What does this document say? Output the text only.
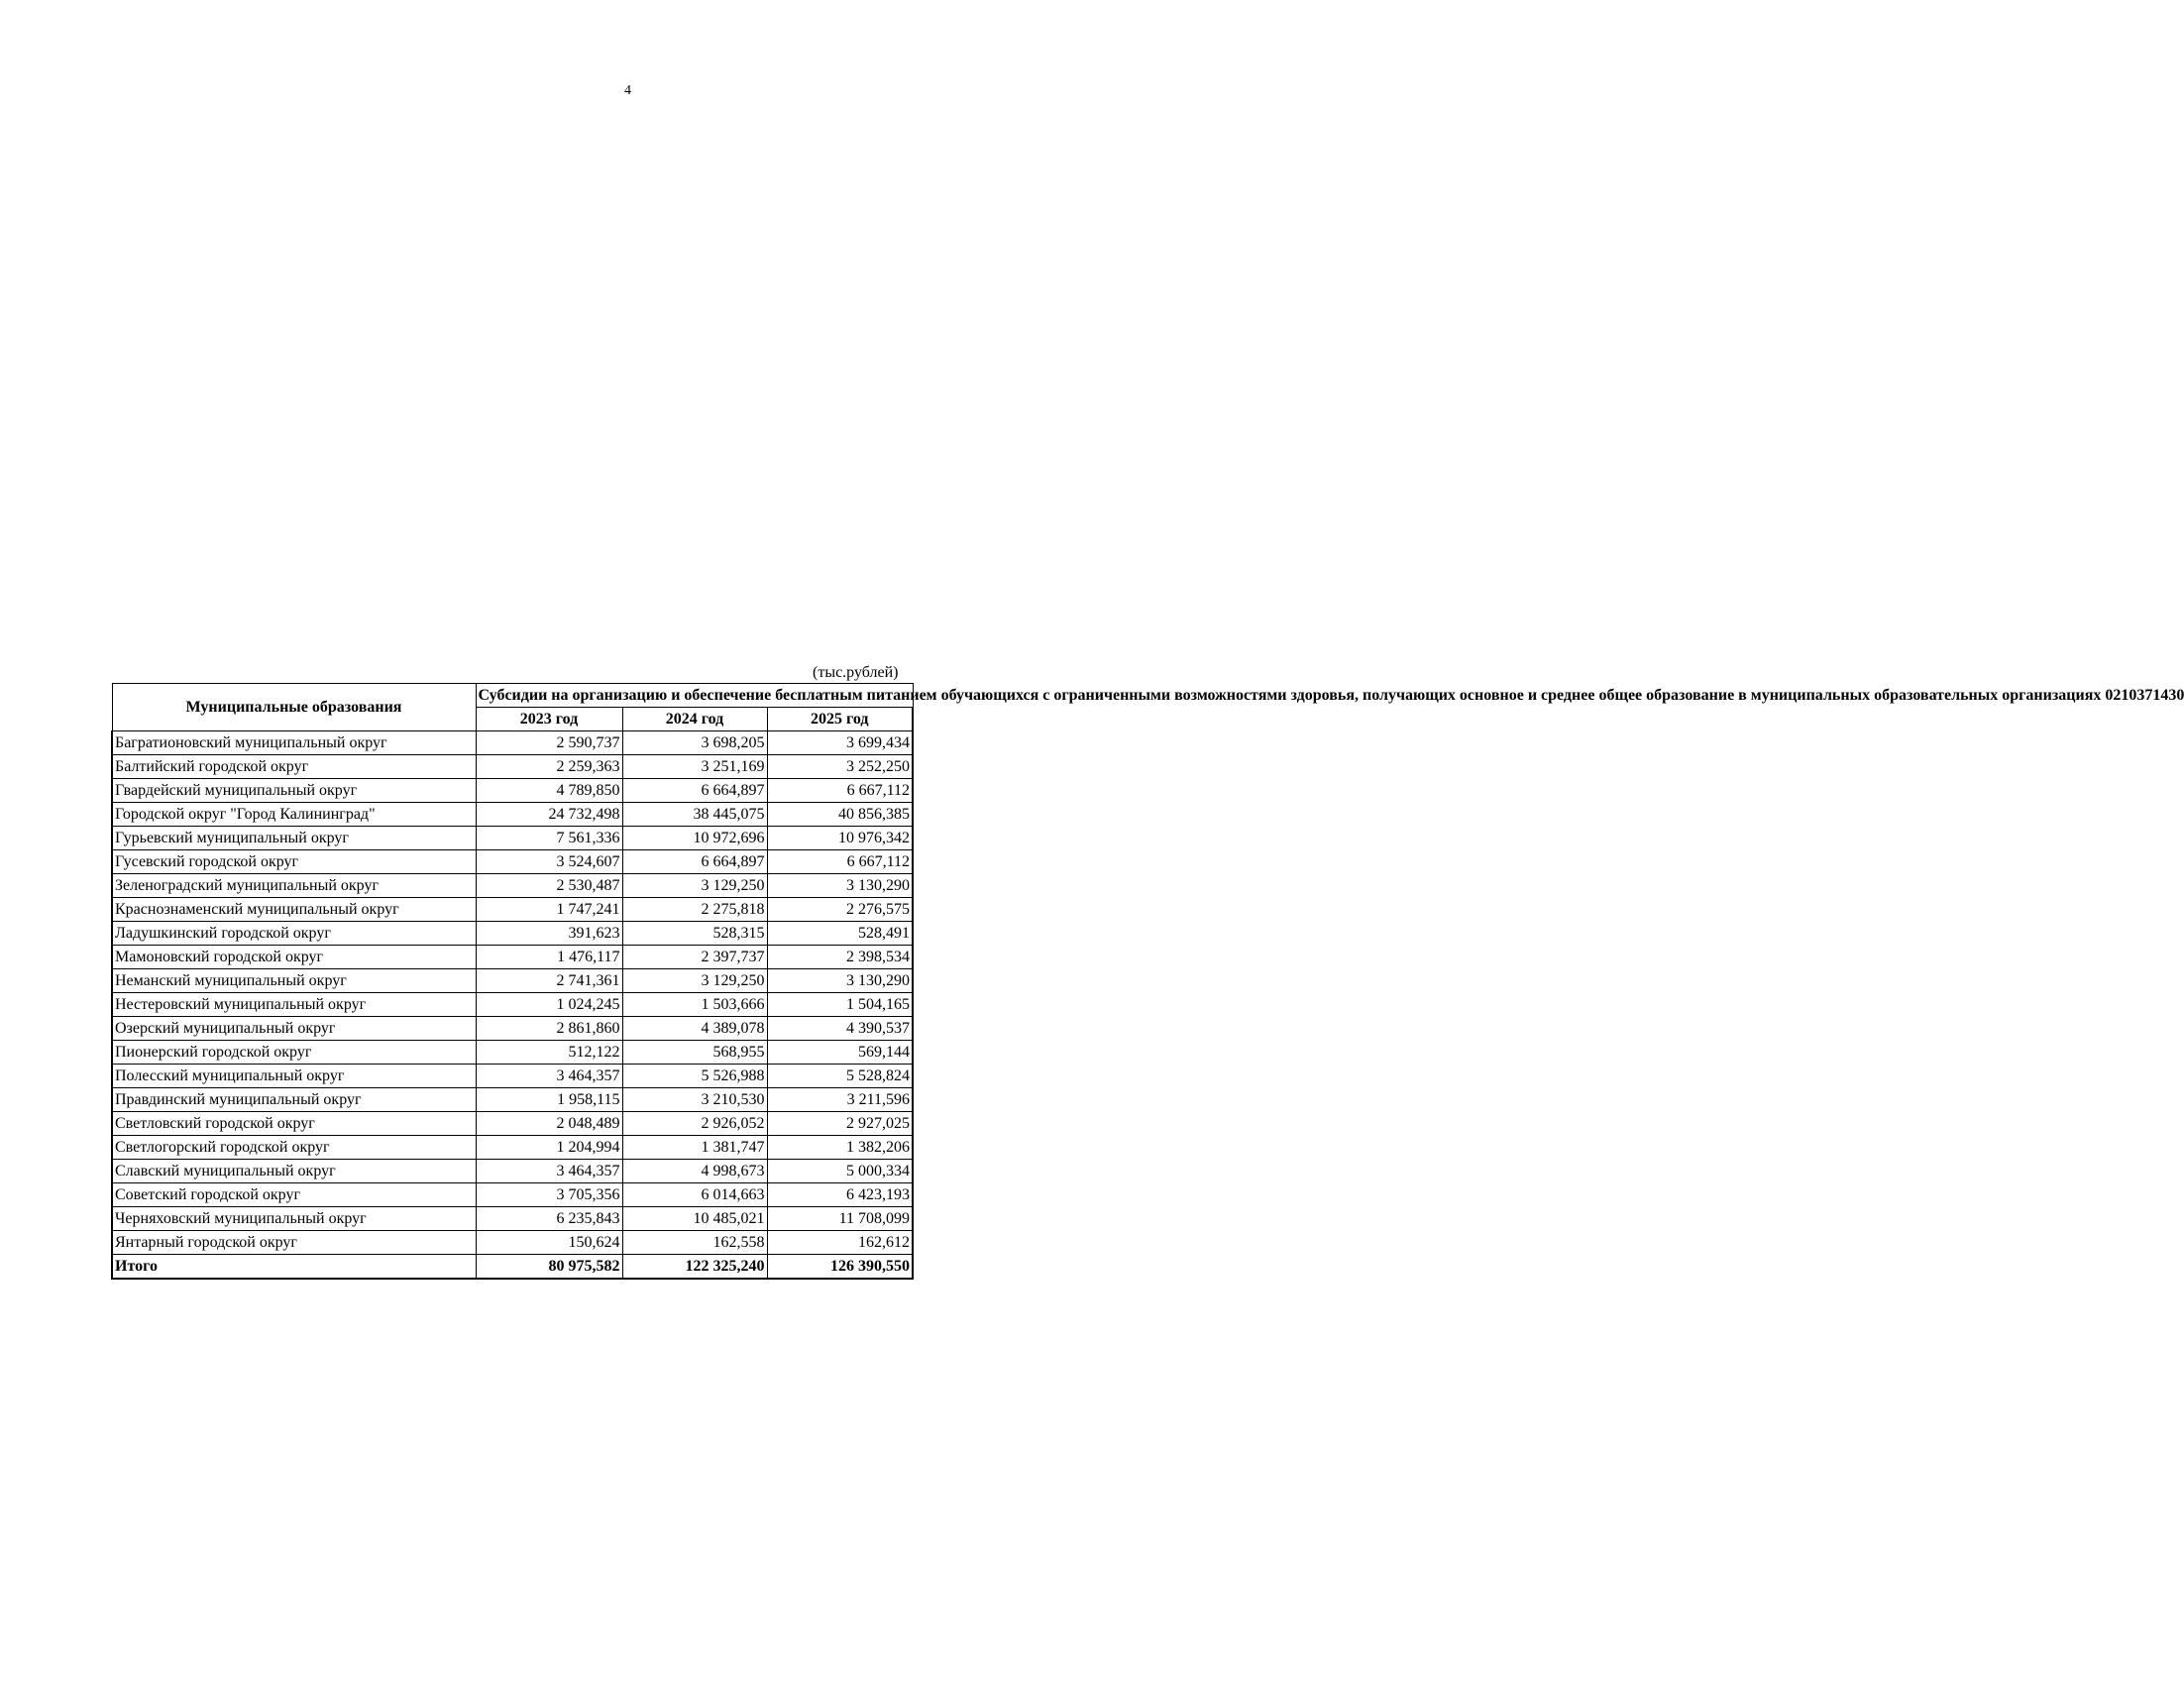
4
(тыс.рублей)
Муниципальные образования	Субсидии на организацию и обеспечение бесплатным питанием обучающихся с ограниченными возможностями здоровья, получающих основное и среднее общее образование в муниципальных образовательных организациях 0210371430		
	2023 год	2024 год	2025 год
Багратионовский муниципальный округ	2 590,737	3 698,205	3 699,434
Балтийский городской округ	2 259,363	3 251,169	3 252,250
Гвардейский муниципальный округ	4 789,850	6 664,897	6 667,112
Городской округ "Город Калининград"	24 732,498	38 445,075	40 856,385
Гурьевский муниципальный округ	7 561,336	10 972,696	10 976,342
Гусевский городской округ	3 524,607	6 664,897	6 667,112
Зеленоградский муниципальный округ	2 530,487	3 129,250	3 130,290
Краснознаменский муниципальный округ	1 747,241	2 275,818	2 276,575
Ладушкинский городской округ	391,623	528,315	528,491
Мамоновский городской округ	1 476,117	2 397,737	2 398,534
Неманский муниципальный округ	2 741,361	3 129,250	3 130,290
Нестеровский муниципальный округ	1 024,245	1 503,666	1 504,165
Озерский муниципальный округ	2 861,860	4 389,078	4 390,537
Пионерский городской округ	512,122	568,955	569,144
Полесский муниципальный округ	3 464,357	5 526,988	5 528,824
Правдинский муниципальный округ	1 958,115	3 210,530	3 211,596
Светловский городской округ	2 048,489	2 926,052	2 927,025
Светлогорский городской округ	1 204,994	1 381,747	1 382,206
Славский муниципальный округ	3 464,357	4 998,673	5 000,334
Советский городской округ	3 705,356	6 014,663	6 423,193
Черняховский муниципальный округ	6 235,843	10 485,021	11 708,099
Янтарный городской округ	150,624	162,558	162,612
Итого	80 975,582	122 325,240	126 390,550
